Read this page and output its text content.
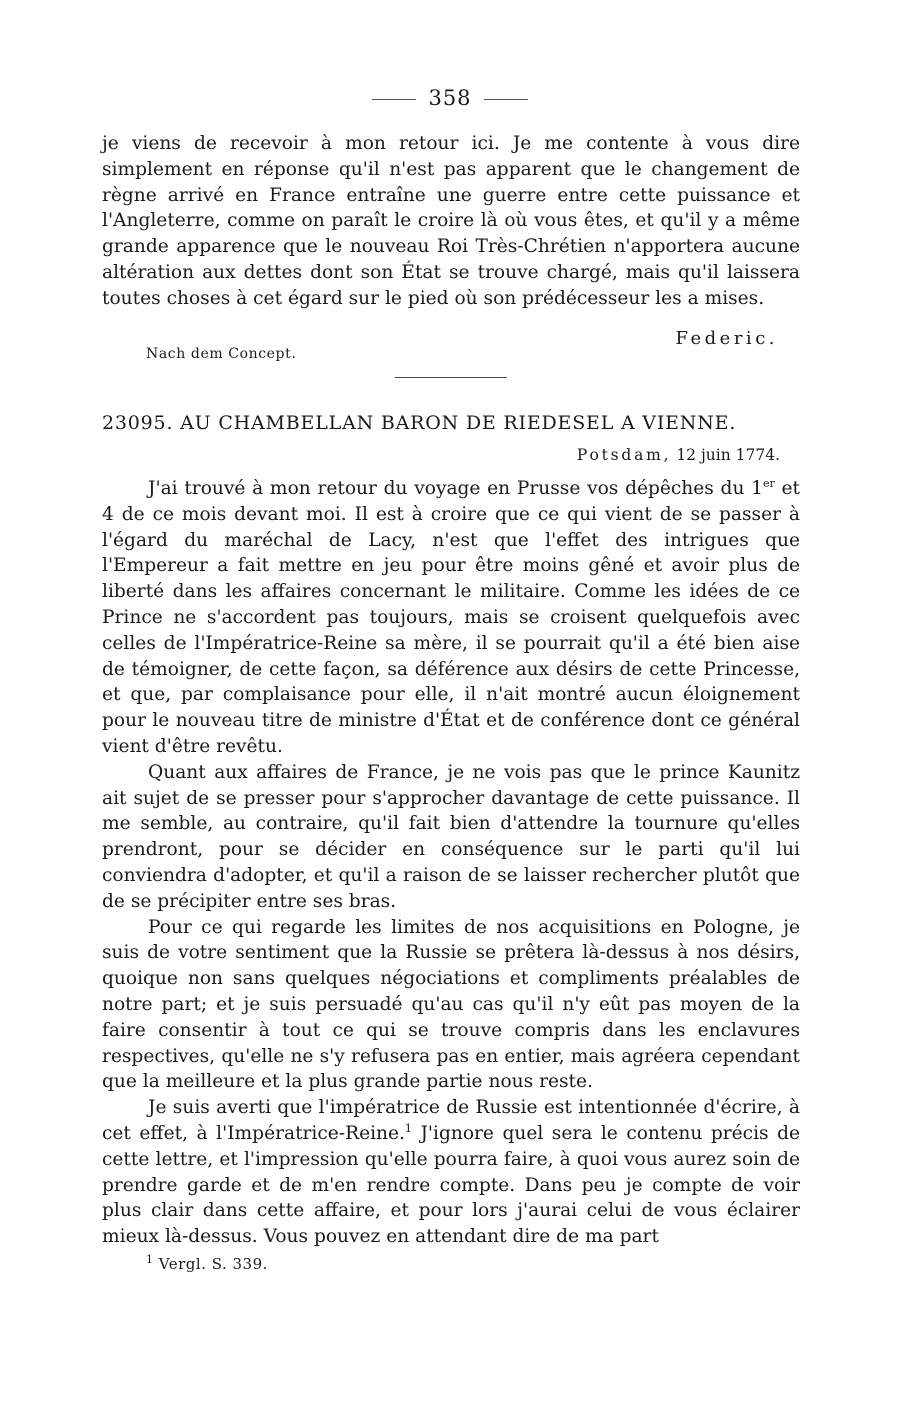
358

je viens de recevoir à mon retour ici. Je me contente à vous dire simplement en réponse qu'il n'est pas apparent que le changement de règne arrivé en France entraîne une guerre entre cette puissance et l'Angleterre, comme on paraît le croire là où vous êtes, et qu'il y a même grande apparence que le nouveau Roi Très-Chrétien n'apportera aucune altération aux dettes dont son État se trouve chargé, mais qu'il laissera toutes choses à cet égard sur le pied où son prédécesseur les a mises.

Federic.
Nach dem Concept.
23095. AU CHAMBELLAN BARON DE RIEDESEL A VIENNE.
Potsdam, 12 juin 1774.

J'ai trouvé à mon retour du voyage en Prusse vos dépêches du 1er et 4 de ce mois devant moi. Il est à croire que ce qui vient de se passer à l'égard du maréchal de Lacy, n'est que l'effet des intrigues que l'Empereur a fait mettre en jeu pour être moins gêné et avoir plus de liberté dans les affaires concernant le militaire. Comme les idées de ce Prince ne s'accordent pas toujours, mais se croisent quelquefois avec celles de l'Impératrice-Reine sa mère, il se pourrait qu'il a été bien aise de témoigner, de cette façon, sa déférence aux désirs de cette Princesse, et que, par complaisance pour elle, il n'ait montré aucun éloignement pour le nouveau titre de ministre d'État et de conférence dont ce général vient d'être revêtu.

Quant aux affaires de France, je ne vois pas que le prince Kaunitz ait sujet de se presser pour s'approcher davantage de cette puissance. Il me semble, au contraire, qu'il fait bien d'attendre la tournure qu'elles prendront, pour se décider en conséquence sur le parti qu'il lui conviendra d'adopter, et qu'il a raison de se laisser rechercher plutôt que de se précipiter entre ses bras.

Pour ce qui regarde les limites de nos acquisitions en Pologne, je suis de votre sentiment que la Russie se prêtera là-dessus à nos désirs, quoique non sans quelques négociations et compliments préalables de notre part; et je suis persuadé qu'au cas qu'il n'y eût pas moyen de la faire consentir à tout ce qui se trouve compris dans les enclavures respectives, qu'elle ne s'y refusera pas en entier, mais agréera cependant que la meilleure et la plus grande partie nous reste.

Je suis averti que l'impératrice de Russie est intentionnée d'écrire, à cet effet, à l'Impératrice-Reine.$^1$ J'ignore quel sera le contenu précis de cette lettre, et l'impression qu'elle pourra faire, à quoi vous aurez soin de prendre garde et de m'en rendre compte. Dans peu je compte de voir plus clair dans cette affaire, et pour lors j'aurai celui de vous éclairer mieux là-dessus. Vous pouvez en attendant dire de ma part

$^1$ Vergl. S. 339.
